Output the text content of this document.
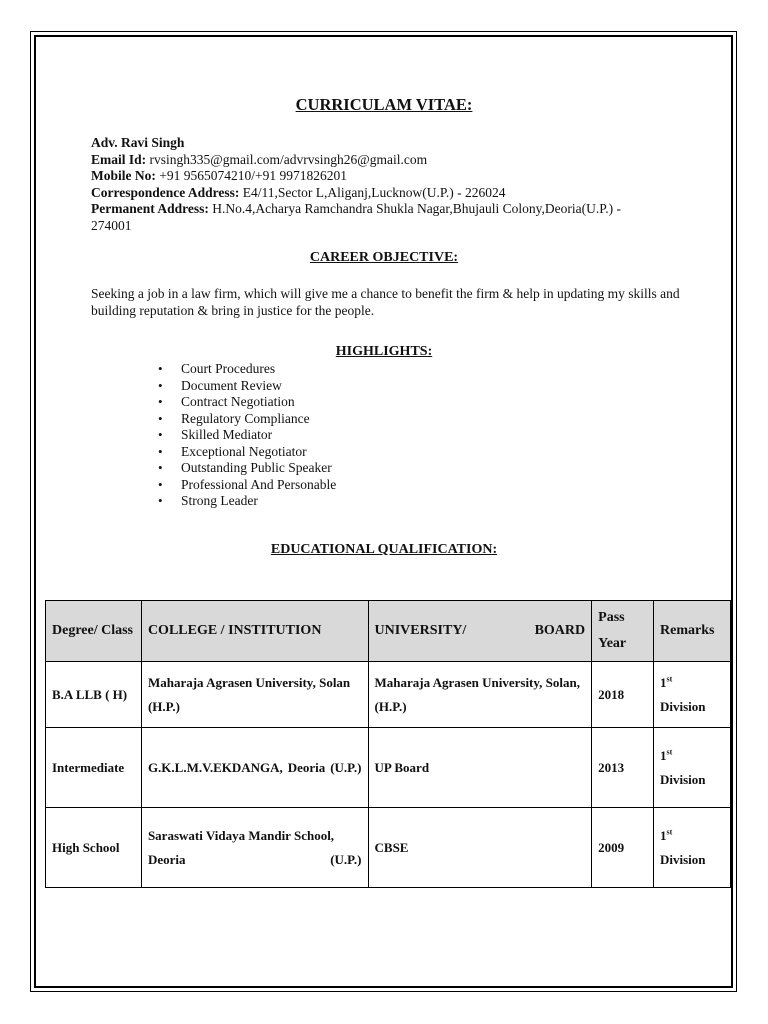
CURRICULAM VITAE:
Adv. Ravi Singh
Email Id: rvsingh335@gmail.com/advrvsingh26@gmail.com
Mobile No: +91 9565074210/+91 9971826201
Correspondence Address: E4/11,Sector L,Aliganj,Lucknow(U.P.) - 226024
Permanent Address: H.No.4,Acharya Ramchandra Shukla Nagar,Bhujauli Colony,Deoria(U.P.) - 274001
CAREER OBJECTIVE:
Seeking a job in a law firm, which will give me a chance to benefit the firm & help in updating my skills and building reputation & bring in justice for the people.
HIGHLIGHTS:
• Court Procedures
• Document Review
• Contract Negotiation
• Regulatory Compliance
• Skilled Mediator
• Exceptional Negotiator
• Outstanding Public Speaker
• Professional And Personable
• Strong Leader
EDUCATIONAL QUALIFICATION:
Degree/ Class	COLLEGE / INSTITUTION	UNIVERSITY/ BOARD	Pass Year	Remarks
B.A LLB ( H)	Maharaja Agrasen University, Solan (H.P.)	Maharaja Agrasen University, Solan, (H.P.)	2018	1st
Division
Intermediate	G.K.L.M.V.EKDANGA, Deoria (U.P.)	UP Board	2013	1st
Division
High School	Saraswati Vidaya Mandir School, Deoria (U.P.)	CBSE	2009	1st
Division
